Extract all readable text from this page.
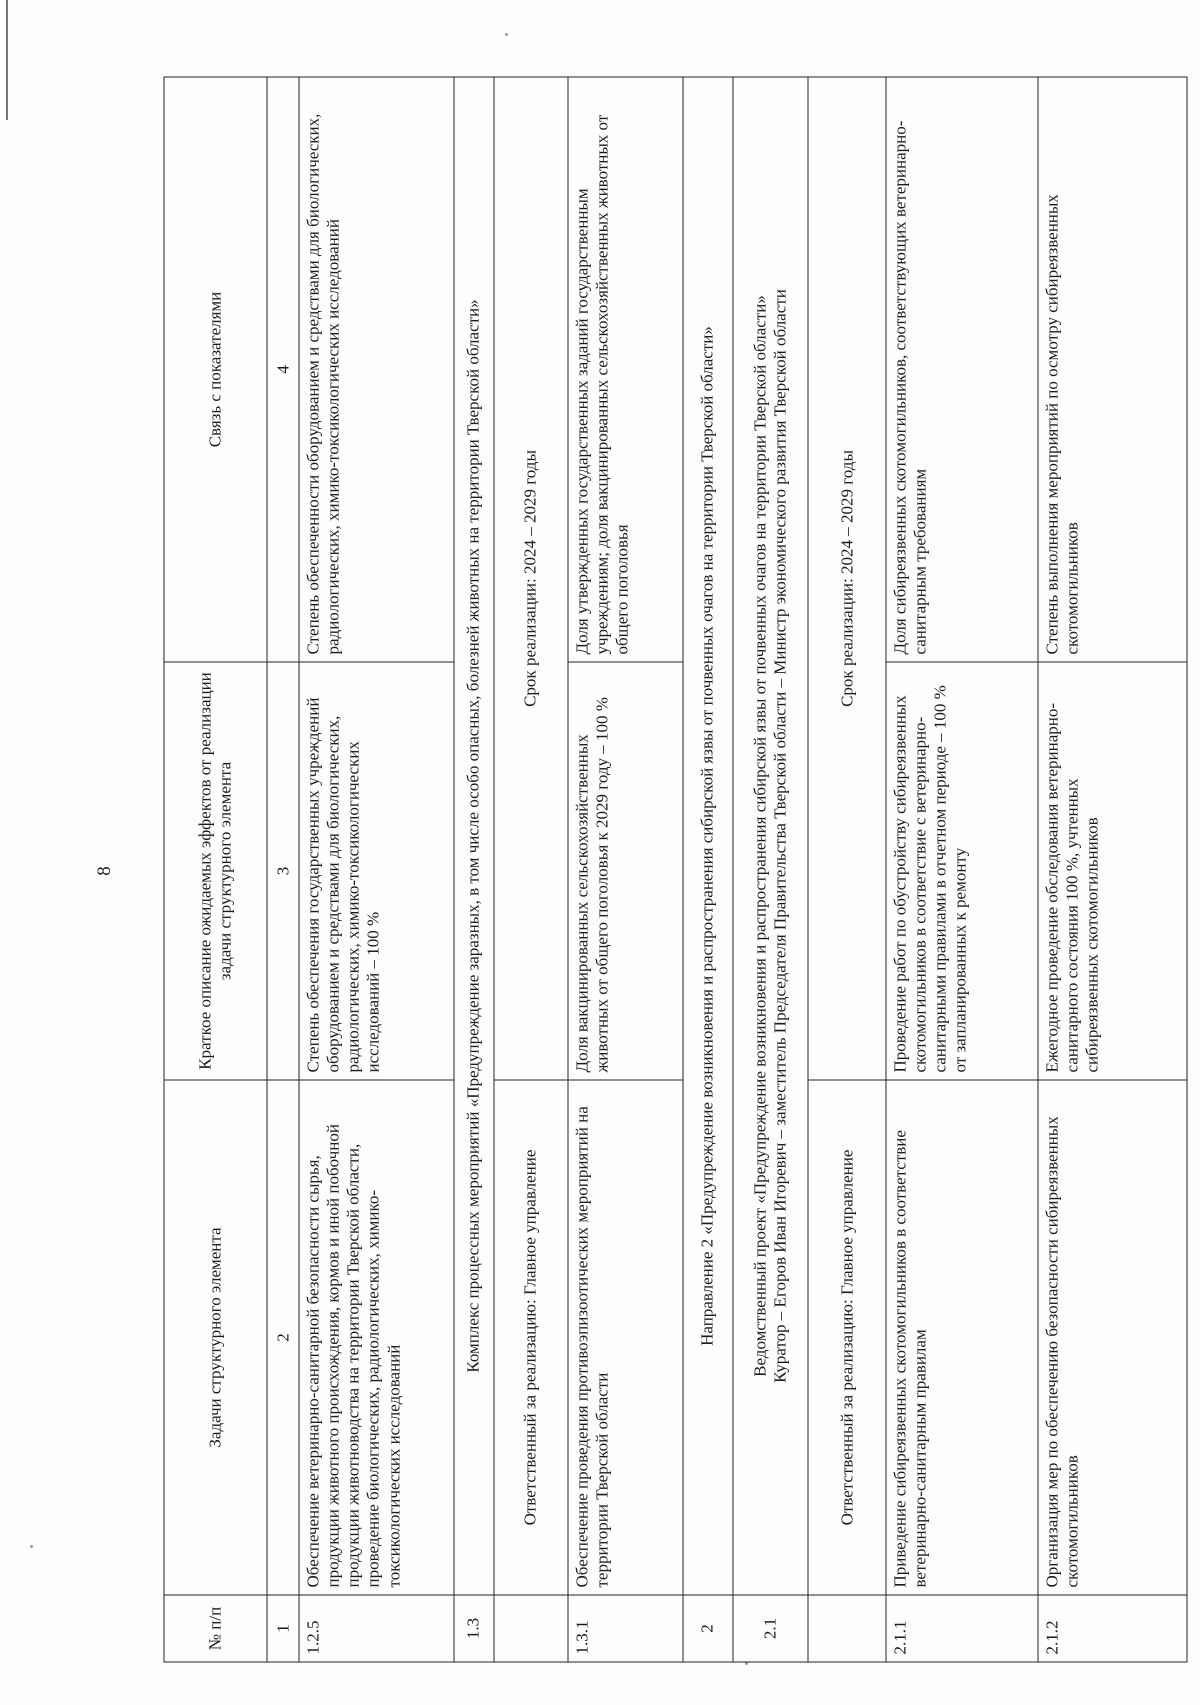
8
№ п/п	Задачи структурного элемента	Краткое описание ожидаемых эффектов от реализации задачи структурного элемента	Связь с показателями
1	2	3	4
1.2.5	Обеспечение ветеринарно-санитарной безопасности сырья, продукции животного происхождения, кормов и иной побочной продукции животноводства на территории Тверской области, проведение биологических, радиологических, химико-токсикологических исследований	Степень обеспечения государственных учреждений оборудованием и средствами для биологических, радиологических, химико-токсикологических исследований – 100 %	Степень обеспеченности оборудованием и средствами для биологических, радиологических, химико-токсикологических исследований
1.3	Комплекс процессных мероприятий «Предупреждение заразных, в том числе особо опасных, болезней животных на территории Тверской области»		
	Ответственный за реализацию: Главное управление	Срок реализации: 2024 – 2029 годы	
1.3.1	Обеспечение проведения противоэпизоотических мероприятий на территории Тверской области	Доля вакцинированных сельскохозяйственных животных от общего поголовья к 2029 году – 100 %	Доля утвержденных государственных заданий государственным учреждениям; доля вакцинированных сельскохозяйственных животных от общего поголовья
2	Направление 2 «Предупреждение возникновения и распространения сибирской язвы от почвенных очагов на территории Тверской области»		
2.1	Ведомственный проект «Предупреждение возникновения и распространения сибирской язвы от почвенных очагов на территории Тверской области» Куратор – Егоров Иван Игоревич – заместитель Председателя Правительства Тверской области – Министр экономического развития Тверской области		

	Ответственный за реализацию: Главное управление	Срок реализации: 2024 – 2029 годы	
2.1.1	Приведение сибиреязвенных скотомогильников в соответствие ветеринарно-санитарным правилам	Проведение работ по обустройству сибиреязвенных скотомогильников в соответствие с ветеринарно-санитарными правилами в отчетном периоде – 100 % от запланированных к ремонту	Доля сибиреязвенных скотомогильников, соответствующих ветеринарно-санитарным требованиям
2.1.2	Организация мер по обеспечению безопасности сибиреязвенных скотомогильников	Ежегодное проведение обследования ветеринарно-санитарного состояния 100 %, учтенных сибиреязвенных скотомогильников	Степень выполнения мероприятий по осмотру сибиреязвенных скотомогильников
